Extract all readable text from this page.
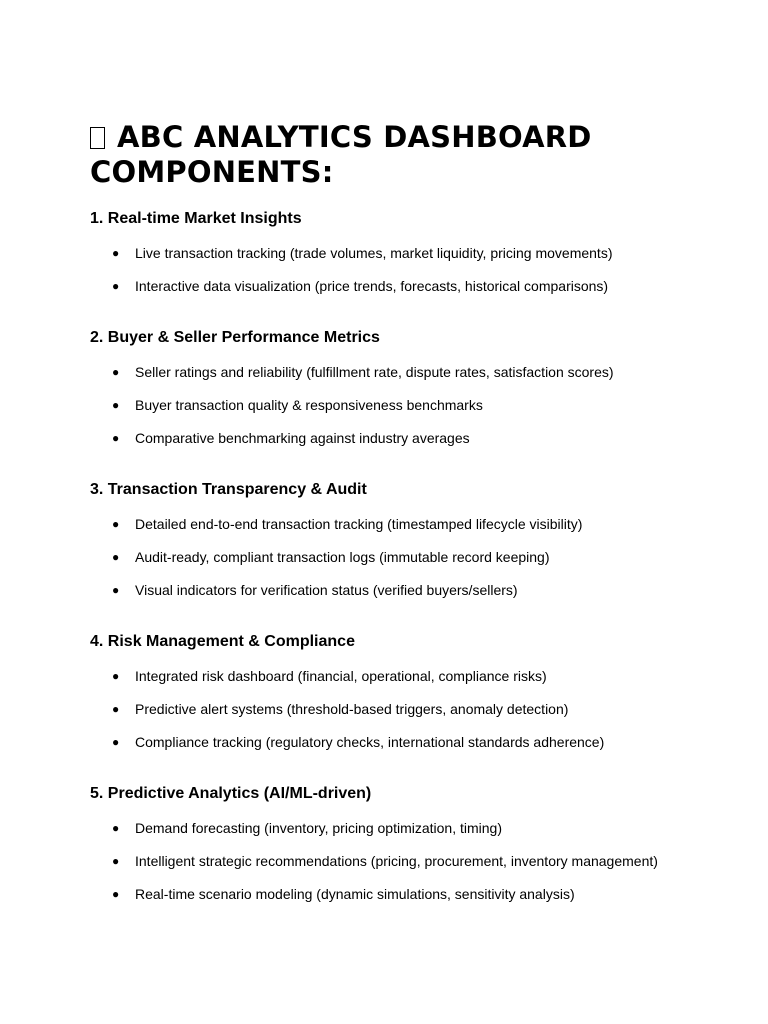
ABC ANALYTICS DASHBOARD COMPONENTS:
1. Real-time Market Insights
● Live transaction tracking (trade volumes, market liquidity, pricing movements)
● Interactive data visualization (price trends, forecasts, historical comparisons)
2. Buyer & Seller Performance Metrics
● Seller ratings and reliability (fulfillment rate, dispute rates, satisfaction scores)
● Buyer transaction quality & responsiveness benchmarks
● Comparative benchmarking against industry averages
3. Transaction Transparency & Audit
● Detailed end-to-end transaction tracking (timestamped lifecycle visibility)
● Audit-ready, compliant transaction logs (immutable record keeping)
● Visual indicators for verification status (verified buyers/sellers)
4. Risk Management & Compliance
● Integrated risk dashboard (financial, operational, compliance risks)
● Predictive alert systems (threshold-based triggers, anomaly detection)
● Compliance tracking (regulatory checks, international standards adherence)
5. Predictive Analytics (AI/ML-driven)
● Demand forecasting (inventory, pricing optimization, timing)
● Intelligent strategic recommendations (pricing, procurement, inventory management)
● Real-time scenario modeling (dynamic simulations, sensitivity analysis)
